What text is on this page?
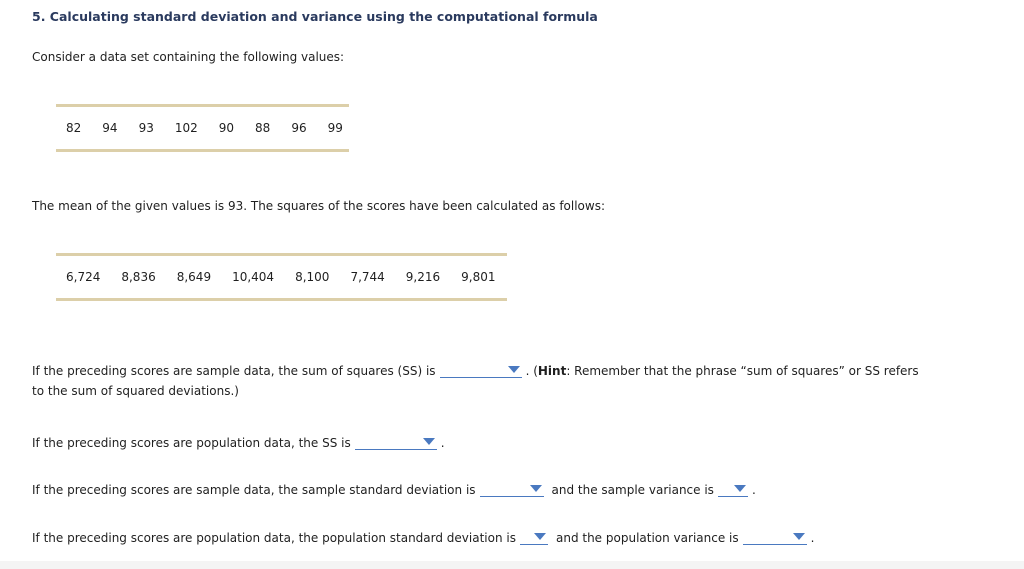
5. Calculating standard deviation and variance using the computational formula
Consider a data set containing the following values:
82 94 93 102 90 88 96 99
The mean of the given values is 93. The squares of the scores have been calculated as follows:
6,724 8,836 8,649 10,404 8,100 7,744 9,216 9,801
If the preceding scores are sample data, the sum of squares (SS) is	. (Hint: Remember that the phrase “sum of squares” or SS refers
to the sum of squared deviations.)
If the preceding scores are population data, the SS is	.
If the preceding scores are sample data, the sample standard deviation is	and the sample variance is	.
If the preceding scores are population data, the population standard deviation is	and the population variance is	.
